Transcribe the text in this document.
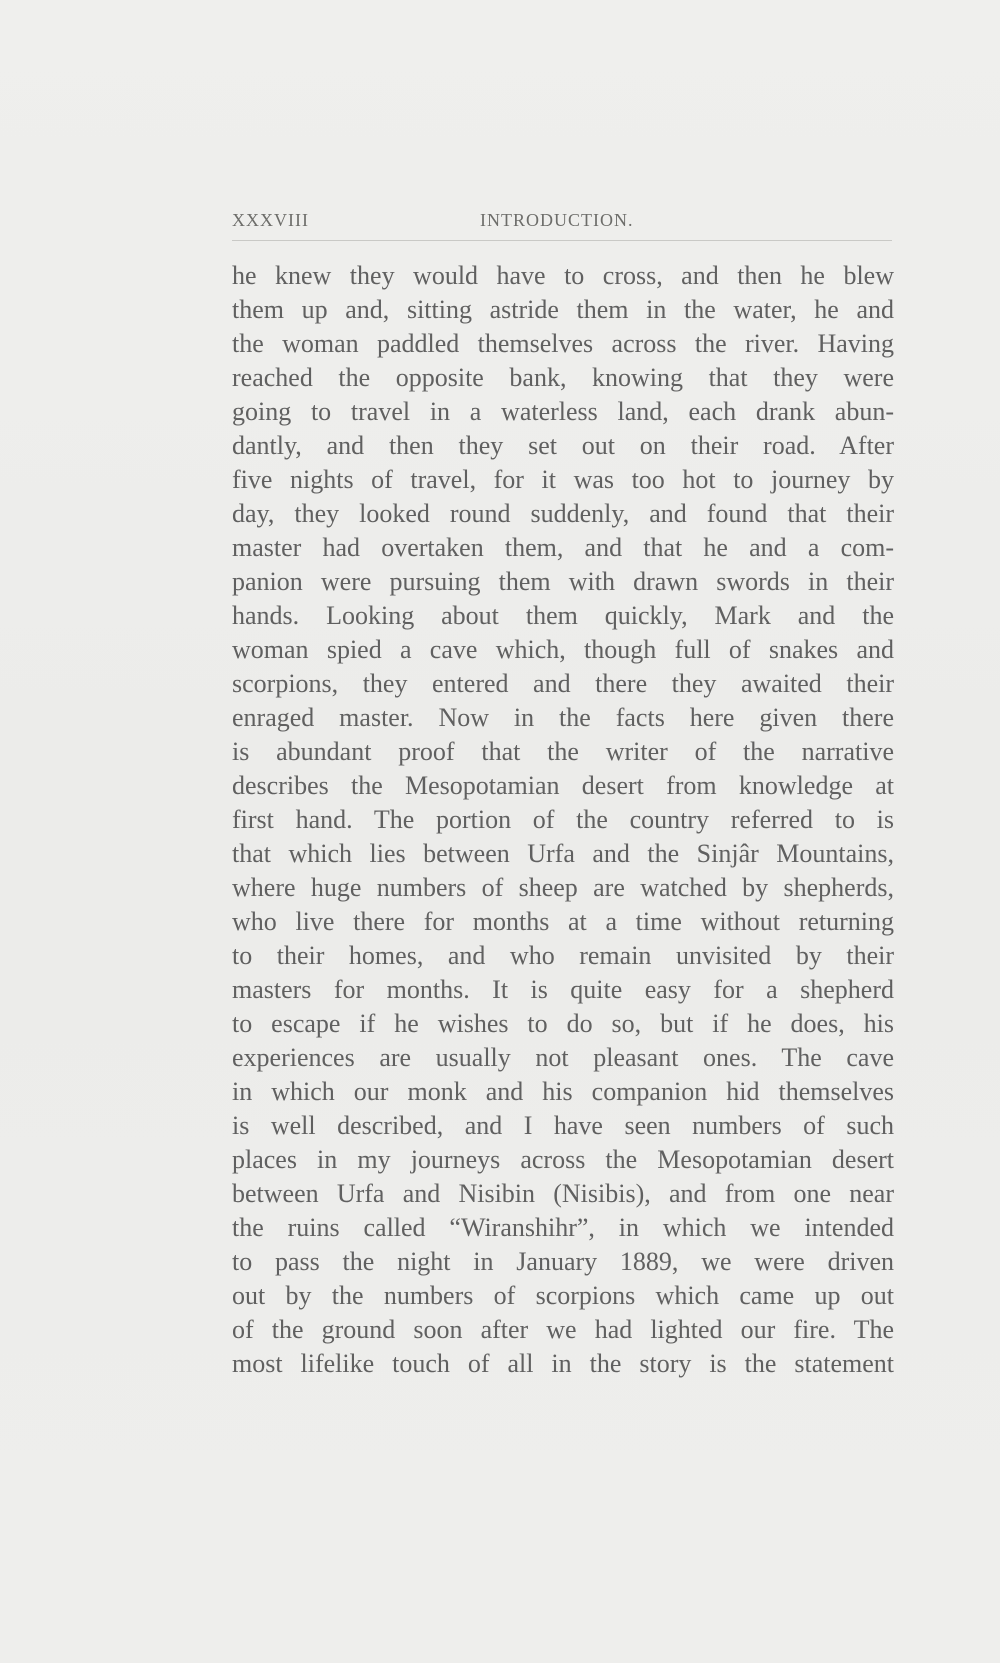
XXXVIII	INTRODUCTION.
he knew they would have to cross, and then he blew
them up and, sitting astride them in the water, he and
the woman paddled themselves across the river. Having
reached the opposite bank, knowing that they were
going to travel in a waterless land, each drank abun-
dantly, and then they set out on their road. After
five nights of travel, for it was too hot to journey by
day, they looked round suddenly, and found that their
master had overtaken them, and that he and a com-
panion were pursuing them with drawn swords in their
hands. Looking about them quickly, Mark and the
woman spied a cave which, though full of snakes and
scorpions, they entered and there they awaited their
enraged master. Now in the facts here given there
is abundant proof that the writer of the narrative
describes the Mesopotamian desert from knowledge at
first hand. The portion of the country referred to is
that which lies between Urfa and the Sinjâr Mountains,
where huge numbers of sheep are watched by shepherds,
who live there for months at a time without returning
to their homes, and who remain unvisited by their
masters for months. It is quite easy for a shepherd
to escape if he wishes to do so, but if he does, his
experiences are usually not pleasant ones. The cave
in which our monk and his companion hid themselves
is well described, and I have seen numbers of such
places in my journeys across the Mesopotamian desert
between Urfa and Nisibin (Nisibis), and from one near
the ruins called “Wiranshihr”, in which we intended
to pass the night in January 1889, we were driven
out by the numbers of scorpions which came up out
of the ground soon after we had lighted our fire. The
most lifelike touch of all in the story is the statement
